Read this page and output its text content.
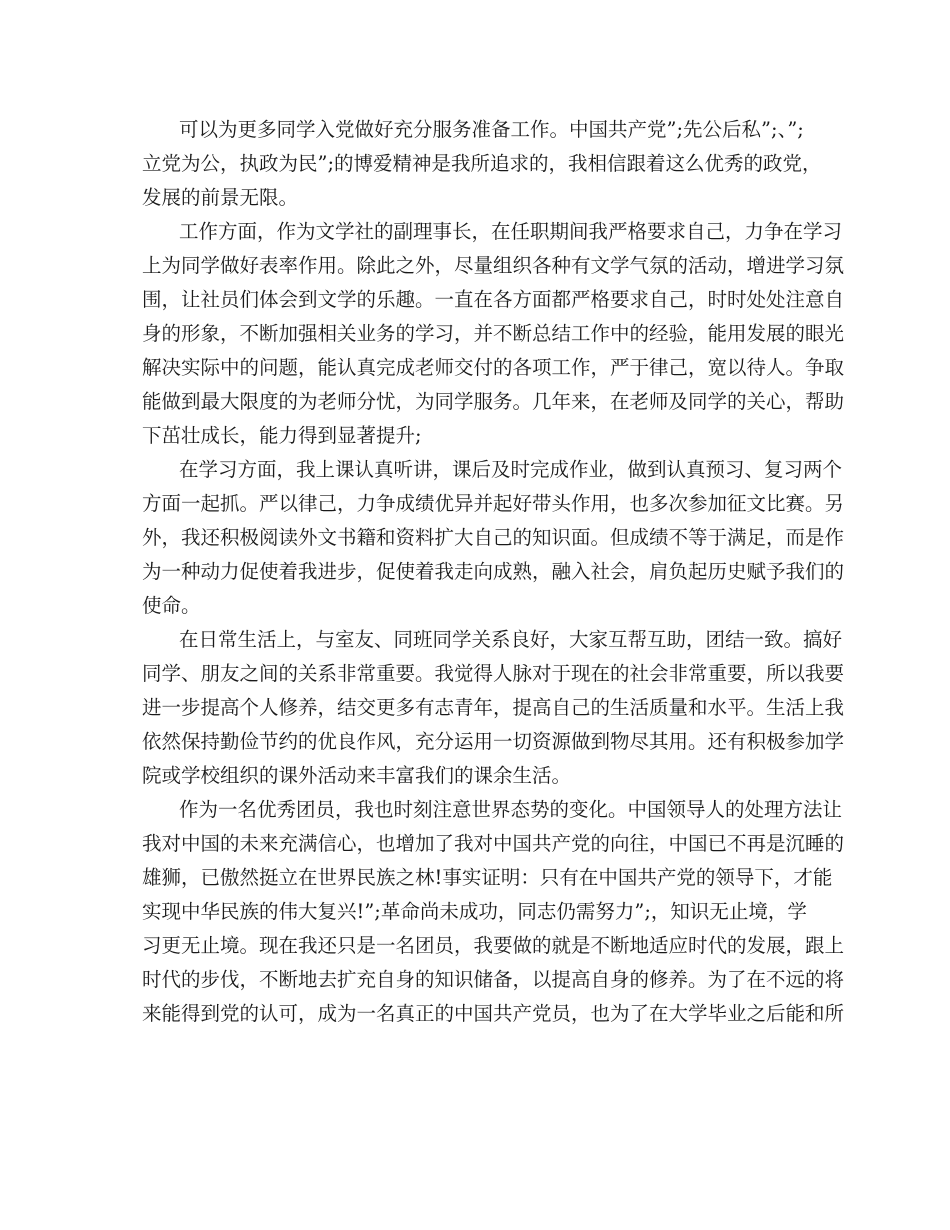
可以为更多同学入党做好充分服务准备工作。中国共产党”;先公后私”;、”;

立党为公，执政为民”;的博爱精神是我所追求的，我相信跟着这么优秀的政党，

发展的前景无限。

工作方面，作为文学社的副理事长，在任职期间我严格要求自己，力争在学习

上为同学做好表率作用。除此之外，尽量组织各种有文学气氛的活动，增进学习氛

围，让社员们体会到文学的乐趣。一直在各方面都严格要求自己，时时处处注意自

身的形象，不断加强相关业务的学习，并不断总结工作中的经验，能用发展的眼光

解决实际中的问题，能认真完成老师交付的各项工作，严于律己，宽以待人。争取

能做到最大限度的为老师分忧，为同学服务。几年来，在老师及同学的关心，帮助

下茁壮成长，能力得到显著提升;

在学习方面，我上课认真听讲，课后及时完成作业，做到认真预习、复习两个

方面一起抓。严以律己，力争成绩优异并起好带头作用，也多次参加征文比赛。另

外，我还积极阅读外文书籍和资料扩大自己的知识面。但成绩不等于满足，而是作

为一种动力促使着我进步，促使着我走向成熟，融入社会，肩负起历史赋予我们的

使命。

在日常生活上，与室友、同班同学关系良好，大家互帮互助，团结一致。搞好

同学、朋友之间的关系非常重要。我觉得人脉对于现在的社会非常重要，所以我要

进一步提高个人修养，结交更多有志青年，提高自己的生活质量和水平。生活上我

依然保持勤俭节约的优良作风，充分运用一切资源做到物尽其用。还有积极参加学

院或学校组织的课外活动来丰富我们的课余生活。

作为一名优秀团员，我也时刻注意世界态势的变化。中国领导人的处理方法让

我对中国的未来充满信心，也增加了我对中国共产党的向往，中国已不再是沉睡的

雄狮，已傲然挺立在世界民族之林!事实证明：只有在中国共产党的领导下，才能

实现中华民族的伟大复兴!”;革命尚未成功，同志仍需努力”;，知识无止境，学

习更无止境。现在我还只是一名团员，我要做的就是不断地适应时代的发展，跟上

时代的步伐，不断地去扩充自身的知识储备，以提高自身的修养。为了在不远的将

来能得到党的认可，成为一名真正的中国共产党员，也为了在大学毕业之后能和所
